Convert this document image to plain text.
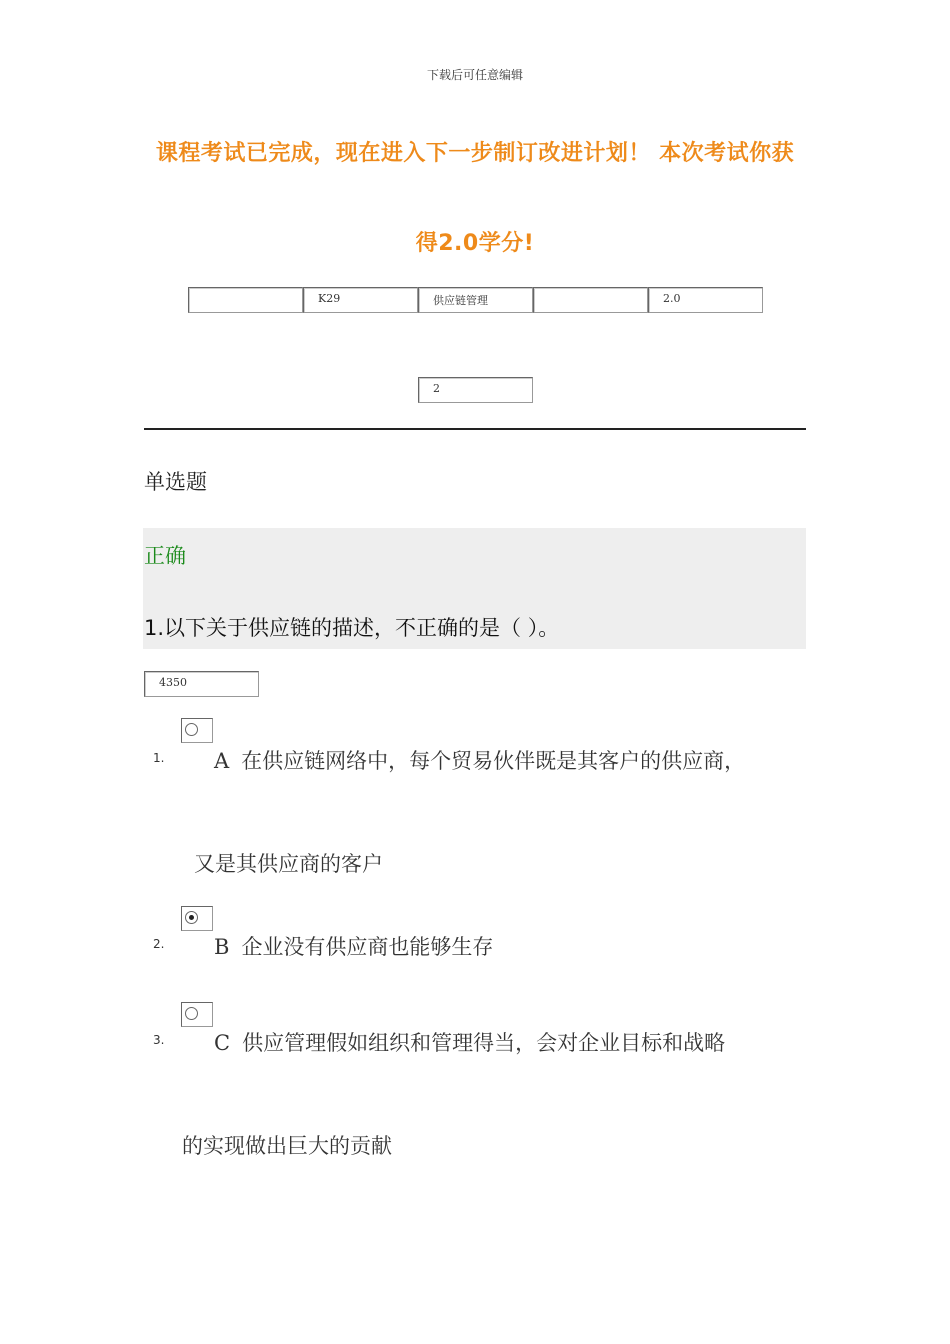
下载后可任意编辑
课程考试已完成，现在进入下一步制订改进计划！ 本次考试你获
得2.0学分!
K29	供应链管理	2.0
2
单选题
正确
1.以下关于供应链的描述，不正确的是（ ）。
4350
1. A 在供应链网络中，每个贸易伙伴既是其客户的供应商，
又是其供应商的客户
2. B 企业没有供应商也能够生存
3. C 供应管理假如组织和管理得当，会对企业目标和战略
的实现做出巨大的贡献
